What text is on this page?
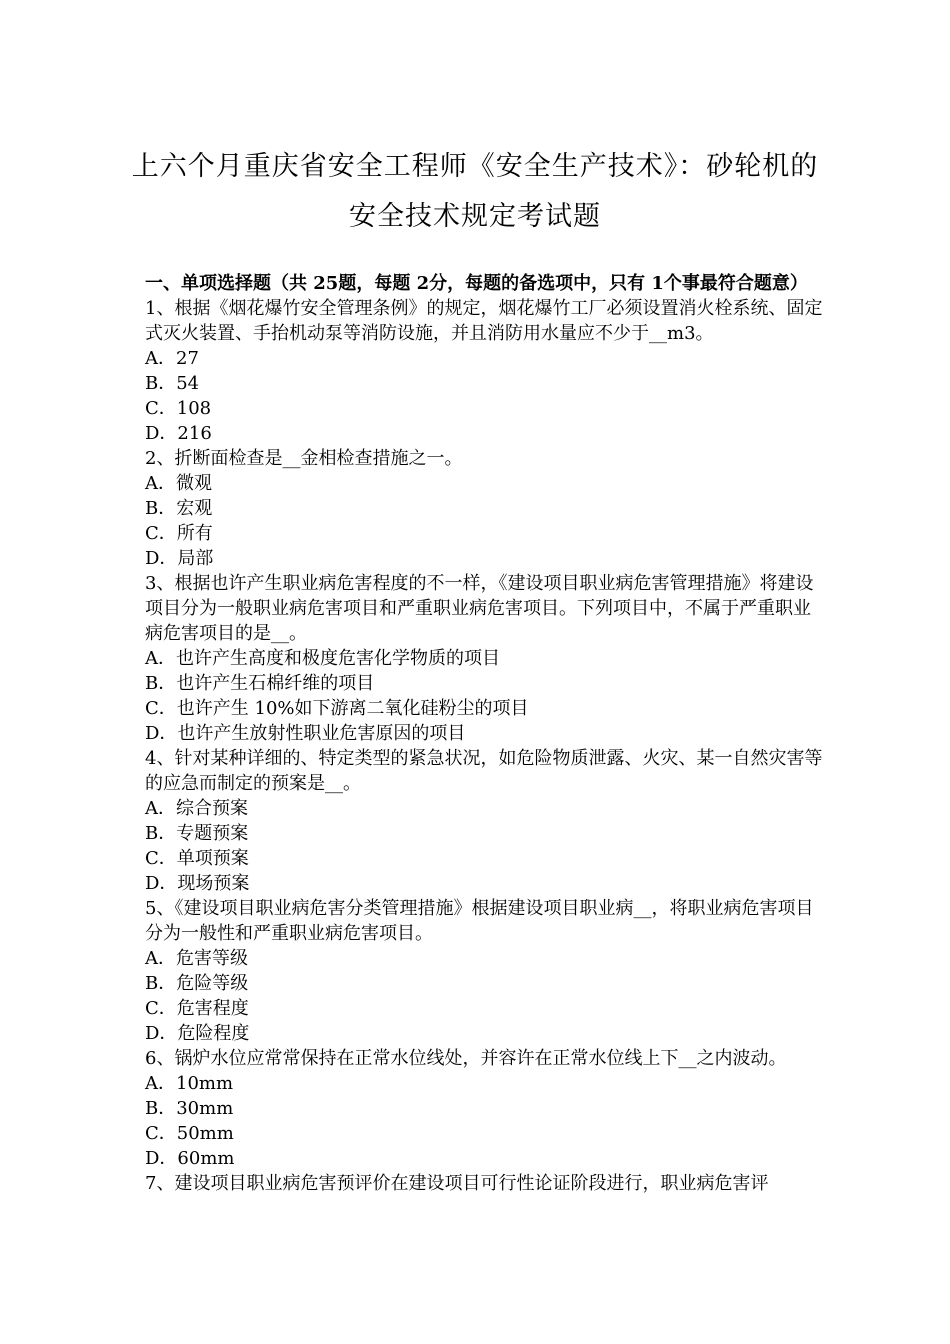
上六个月重庆省安全工程师《安全生产技术》：砂轮机的
安全技术规定考试题

一、单项选择题（共 25题，每题 2分，每题的备选项中，只有 1个事最符合题意）

1、根据《烟花爆竹安全管理条例》的规定，烟花爆竹工厂必须设置消火栓系统、固定式灭火装置、手抬机动泵等消防设施，并且消防用水量应不少于__m3。

A．27

B．54

C．108

D．216

2、折断面检查是__金相检查措施之一。

A．微观

B．宏观

C．所有

D．局部

3、根据也许产生职业病危害程度的不一样，《建设项目职业病危害管理措施》将建设项目分为一般职业病危害项目和严重职业病危害项目。下列项目中，不属于严重职业病危害项目的是__。

A．也许产生高度和极度危害化学物质的项目

B．也许产生石棉纤维的项目

C．也许产生 10%如下游离二氧化硅粉尘的项目

D．也许产生放射性职业危害原因的项目

4、针对某种详细的、特定类型的紧急状况，如危险物质泄露、火灾、某一自然灾害等的应急而制定的预案是__。

A．综合预案

B．专题预案

C．单项预案

D．现场预案

5、《建设项目职业病危害分类管理措施》根据建设项目职业病__，将职业病危害项目分为一般性和严重职业病危害项目。

A．危害等级

B．危险等级

C．危害程度

D．危险程度

6、锅炉水位应常常保持在正常水位线处，并容许在正常水位线上下__之内波动。

A．10mm

B．30mm

C．50mm

D．60mm

7、建设项目职业病危害预评价在建设项目可行性论证阶段进行，职业病危害评
